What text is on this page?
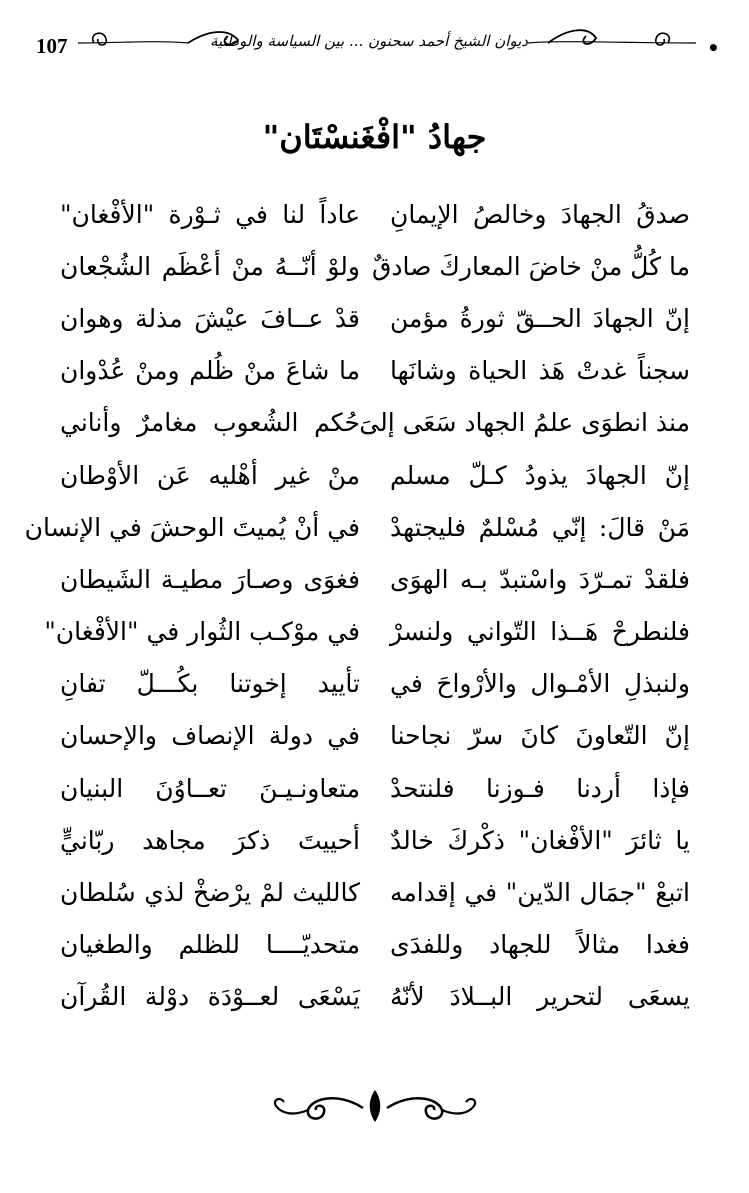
107	ديوان الشيخ أحمد سحنون ... بين السياسة والوطنية	•
جهادُ "افْغَنسْتَان"
صدقُ الجهادَ وخالصُ الإيمانِ
عاداً لنا في ثـوْرة "الأفْغان"
ما كُلُّ منْ خاضَ المعاركَ صادقٌ
ولوْ أنّــهُ منْ أعْظَم الشُجْعان
إنّ الجهادَ الحــقّ ثورةُ مؤمن
قدْ عــافَ عيْشَ مذلة وهوان
سجناً غدتْ هَذ الحياة وشانَها
ما شاعَ منْ ظُلم ومنْ عُدْوان
منذ انطوَى علمُ الجهاد سَعَى إلىَ
حُكم الشُعوب مغامرٌ وأناني
إنّ الجهادَ يذودُ كـلّ مسلم
منْ غير أهْليه عَن الأوْطان
مَنْ قالَ: إنّي مُسْلمٌ فليجتهدْ
في أنْ يُميتَ الوحشَ في الإنسان
فلقدْ تمـرّدَ واسْتبدّ بـه الهوَى
فغوَى وصـارَ مطيـة الشَيطان
فلنطرحْ هَــذا التّواني ولنسرْ
في موْكـب الثُوار في "الأفْغان"
ولنبذلِ الأمْـوال والأرْواحَ في
تأييد إخوتنا بكُـــلّ تفانِ
إنّ التّعاونَ كانَ سرّ نجاحنا
في دولة الإنصاف والإحسان
فإذا أردنا فـوزنا فلنتحدْ
متعاونـيـنَ تعــاوُنَ البنيان
يا ثائرَ "الأفْغان" ذكْركَ خالدٌ
أحييتَ ذكرَ مجاهد ربّانيٍّ
اتبعْ "جمَال الدّين" في إقدامه
كالليث لمْ يرْضخْ لذي سُلطان
فغدا مثالاً للجهاد وللفدَى
متحديّــــا للظلم والطغيان
يسعَى لتحرير البــلادَ لأنّهُ
يَسْعَى لعــوْدَة دوْلة القُرآن
